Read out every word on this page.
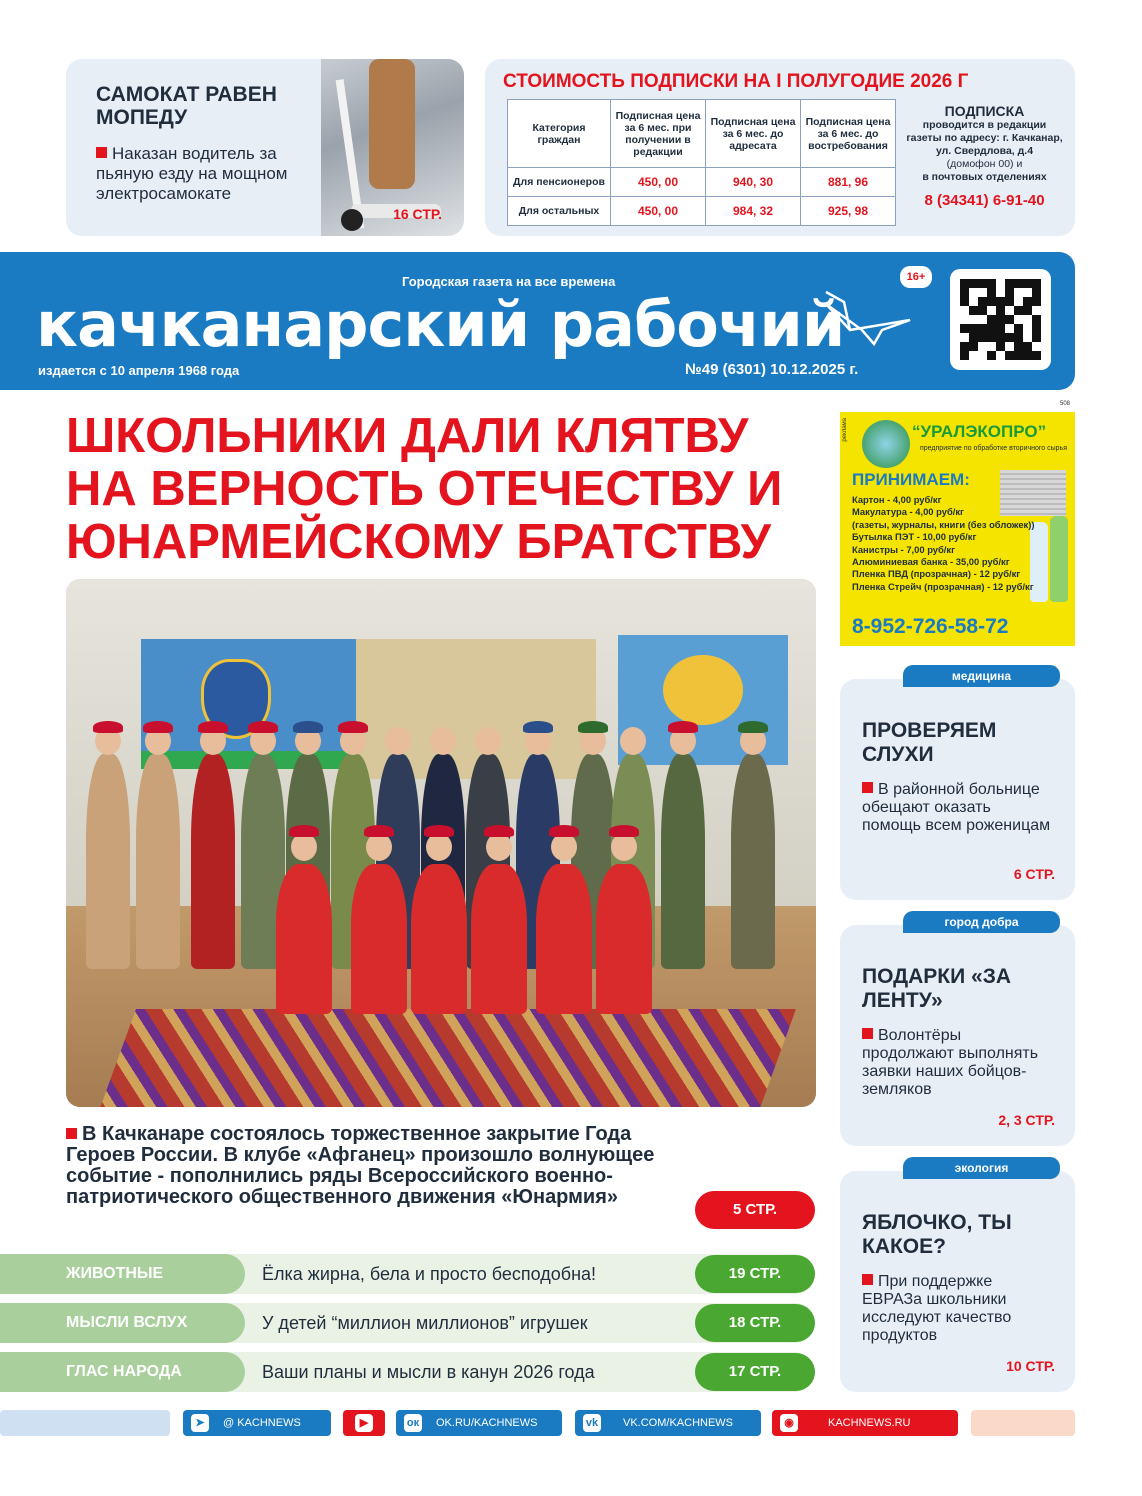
САМОКАТ РАВЕН МОПЕДУ
Наказан водитель за пьяную езду на мощном электросамокате
16 СТР.
СТОИМОСТЬ ПОДПИСКИ НА I ПОЛУГОДИЕ 2026 Г
Категория граждан	Подписная цена за 6 мес. при получении в редакции	Подписная цена за 6 мес. до адресата	Подписная цена за 6 мес. до востребования
Для пенсионеров	450, 00	940, 30	881, 96
Для остальных	450, 00	984, 32	925, 98
ПОДПИСКА
проводится в редакции
газеты по адресу: г. Качканар,
ул. Свердлова, д.4
(домофон 00) и
в почтовых отделениях
8 (34341) 6-91-40
Городская газета на все времена
качканарский рабочий
издается с 10 апреля 1968 года	№49 (6301) 10.12.2025 г.
16+
ШКОЛЬНИКИ ДАЛИ КЛЯТВУ НА ВЕРНОСТЬ ОТЕЧЕСТВУ И ЮНАРМЕЙСКОМУ БРАТСТВУ
В Качканаре состоялось торжественное закрытие Года Героев России. В клубе «Афганец» произошло волнующее событие - пополнились ряды Всероссийского военно-патриотического общественного движения «Юнармия»
5 СТР.
ЖИВОТНЫЕ	Ёлка жирна, бела и просто бесподобна!	19 СТР.
МЫСЛИ ВСЛУХ	У детей “миллион миллионов” игрушек	18 СТР.
ГЛАС НАРОДА	Ваши планы и мысли в канун 2026 года	17 СТР.
508
“УРАЛЭКОПРО”
предприятие по обработке вторичного сырья
ПРИНИМАЕМ:
Картон - 4,00 руб/кг
Макулатура - 4,00 руб/кг
(газеты, журналы, книги (без обложек))
Бутылка ПЭТ - 10,00 руб/кг
Канистры - 7,00 руб/кг
Алюминиевая банка - 35,00 руб/кг
Пленка ПВД (прозрачная) - 12 руб/кг
Пленка Стрейч (прозрачная) - 12 руб/кг
8-952-726-58-72
реклама
медицина
ПРОВЕРЯЕМ СЛУХИ
В районной больнице обещают оказать помощь всем роженицам
6 СТР.
город добра
ПОДАРКИ «ЗА ЛЕНТУ»
Волонтёры продолжают выполнять заявки наших бойцов-земляков
2, 3 СТР.
экология
ЯБЛОЧКО, ТЫ КАКОЕ?
При поддержке ЕВРАЗа школьники исследуют качество продуктов
10 СТР.
➤	@ KACHNEWS	▶	ок OK.RU/KACHNEWS	vk VK.COM/KACHNEWS	◉	KACHNEWS.RU
